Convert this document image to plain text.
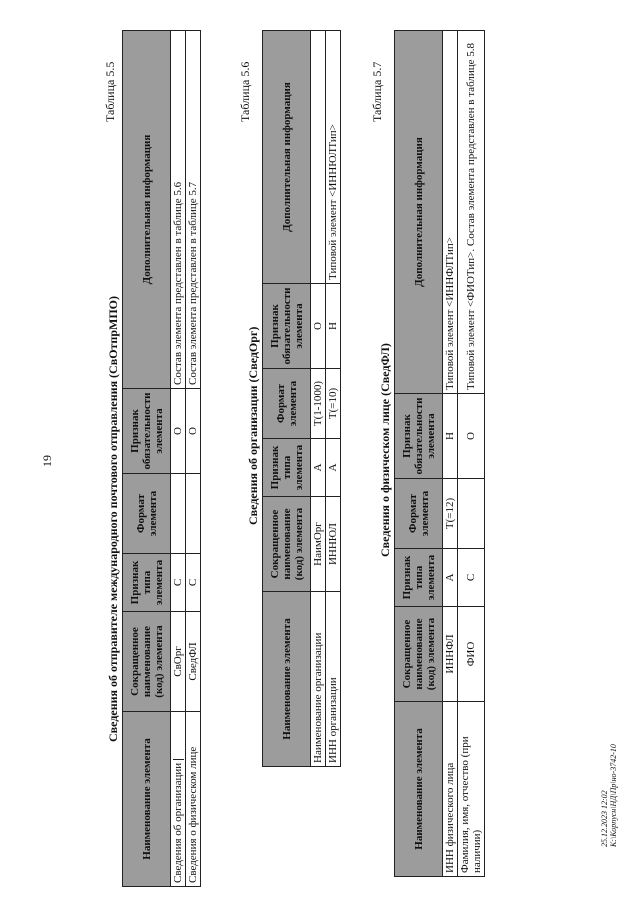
19
Таблица 5.5
Сведения об отправителе международного почтового отправления (СвОтпрМПО)
Наименование элемента	Сокращенное наименование (код) элемента	Признак типа элемента	Формат элемента	Признак обязательности элемента	Дополнительная информация
Сведения об организации	СвОрг	С		О	Состав элемента представлен в таблице 5.6
Сведения о физическом лице	СведФЛ	С		О	Состав элемента представлен в таблице 5.7
Таблица 5.6
Сведения об организации (СведОрг)
Наименование элемента	Сокращенное наименование (код) элемента	Признак типа элемента	Формат элемента	Признак обязательности элемента	Дополнительная информация
Наименование организации	НаимОрг	А	T(1-1000)	О	
ИНН организации	ИННЮЛ	А	T(=10)	Н	Типовой элемент <ИННЮЛТип>
Таблица 5.7
Сведения о физическом лице (СведФЛ)
Наименование элемента	Сокращенное наименование (код) элемента	Признак типа элемента	Формат элемента	Признак обязательности элемента	Дополнительная информация
ИНН физического лица	ИННФЛ	А	T(=12)	Н	Типовой элемент <ИННФЛТип>
Фамилия, имя, отчество (при наличии)	ФИО	С		О	Типовой элемент <ФИОТип>. Состав элемента представлен в таблице 5.8
25.12.2023 12:02 К:\Корпусн\НД\Пр\но-3742-10
